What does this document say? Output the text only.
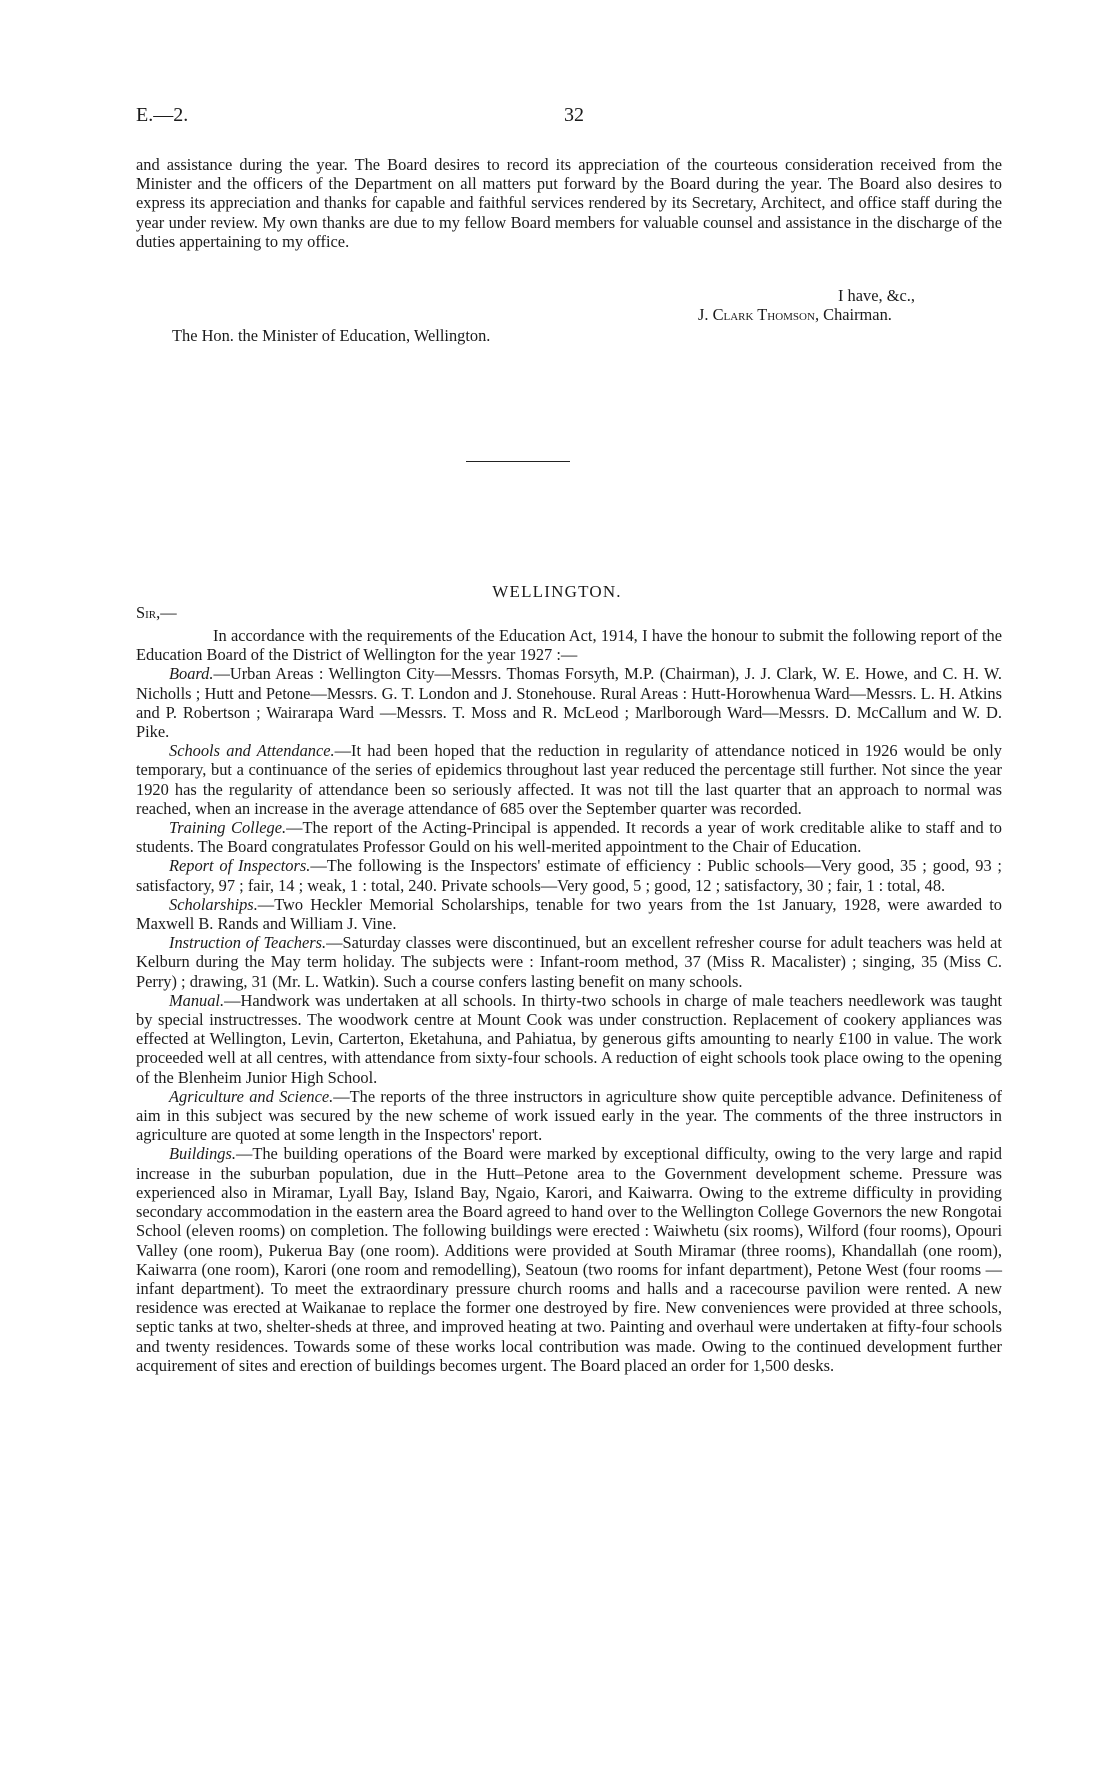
E.—2.	32

and assistance during the year. The Board desires to record its appreciation of the courteous consideration received from the Minister and the officers of the Department on all matters put forward by the Board during the year. The Board also desires to express its appreciation and thanks for capable and faithful services rendered by its Secretary, Architect, and office staff during the year under review. My own thanks are due to my fellow Board members for valuable counsel and assistance in the discharge of the duties appertaining to my office.

I have, &c.,
J. Clark Thomson, Chairman.
The Hon. the Minister of Education, Wellington.
WELLINGTON.
Sir,—

In accordance with the requirements of the Education Act, 1914, I have the honour to submit the following report of the Education Board of the District of Wellington for the year 1927 :—

Board.—Urban Areas : Wellington City—Messrs. Thomas Forsyth, M.P. (Chairman), J. J. Clark, W. E. Howe, and C. H. W. Nicholls ; Hutt and Petone—Messrs. G. T. London and J. Stonehouse. Rural Areas : Hutt-Horowhenua Ward—Messrs. L. H. Atkins and P. Robertson ; Wairarapa Ward —Messrs. T. Moss and R. McLeod ; Marlborough Ward—Messrs. D. McCallum and W. D. Pike.

Schools and Attendance.—It had been hoped that the reduction in regularity of attendance noticed in 1926 would be only temporary, but a continuance of the series of epidemics throughout last year reduced the percentage still further. Not since the year 1920 has the regularity of attendance been so seriously affected. It was not till the last quarter that an approach to normal was reached, when an increase in the average attendance of 685 over the September quarter was recorded.

Training College.—The report of the Acting-Principal is appended. It records a year of work creditable alike to staff and to students. The Board congratulates Professor Gould on his well-merited appointment to the Chair of Education.

Report of Inspectors.—The following is the Inspectors' estimate of efficiency : Public schools—Very good, 35 ; good, 93 ; satisfactory, 97 ; fair, 14 ; weak, 1 : total, 240. Private schools—Very good, 5 ; good, 12 ; satisfactory, 30 ; fair, 1 : total, 48.

Scholarships.—Two Heckler Memorial Scholarships, tenable for two years from the 1st January, 1928, were awarded to Maxwell B. Rands and William J. Vine.

Instruction of Teachers.—Saturday classes were discontinued, but an excellent refresher course for adult teachers was held at Kelburn during the May term holiday. The subjects were : Infant-room method, 37 (Miss R. Macalister) ; singing, 35 (Miss C. Perry) ; drawing, 31 (Mr. L. Watkin). Such a course confers lasting benefit on many schools.

Manual.—Handwork was undertaken at all schools. In thirty-two schools in charge of male teachers needlework was taught by special instructresses. The woodwork centre at Mount Cook was under construction. Replacement of cookery appliances was effected at Wellington, Levin, Carterton, Eketahuna, and Pahiatua, by generous gifts amounting to nearly £100 in value. The work proceeded well at all centres, with attendance from sixty-four schools. A reduction of eight schools took place owing to the opening of the Blenheim Junior High School.

Agriculture and Science.—The reports of the three instructors in agriculture show quite perceptible advance. Definiteness of aim in this subject was secured by the new scheme of work issued early in the year. The comments of the three instructors in agriculture are quoted at some length in the Inspectors' report.

Buildings.—The building operations of the Board were marked by exceptional difficulty, owing to the very large and rapid increase in the suburban population, due in the Hutt–Petone area to the Government development scheme. Pressure was experienced also in Miramar, Lyall Bay, Island Bay, Ngaio, Karori, and Kaiwarra. Owing to the extreme difficulty in providing secondary accommodation in the eastern area the Board agreed to hand over to the Wellington College Governors the new Rongotai School (eleven rooms) on completion. The following buildings were erected : Waiwhetu (six rooms), Wilford (four rooms), Opouri Valley (one room), Pukerua Bay (one room). Additions were provided at South Miramar (three rooms), Khandallah (one room), Kaiwarra (one room), Karori (one room and remodelling), Seatoun (two rooms for infant department), Petone West (four rooms —infant department). To meet the extraordinary pressure church rooms and halls and a racecourse pavilion were rented. A new residence was erected at Waikanae to replace the former one destroyed by fire. New conveniences were provided at three schools, septic tanks at two, shelter-sheds at three, and improved heating at two. Painting and overhaul were undertaken at fifty-four schools and twenty residences. Towards some of these works local contribution was made. Owing to the continued development further acquirement of sites and erection of buildings becomes urgent. The Board placed an order for 1,500 desks.
